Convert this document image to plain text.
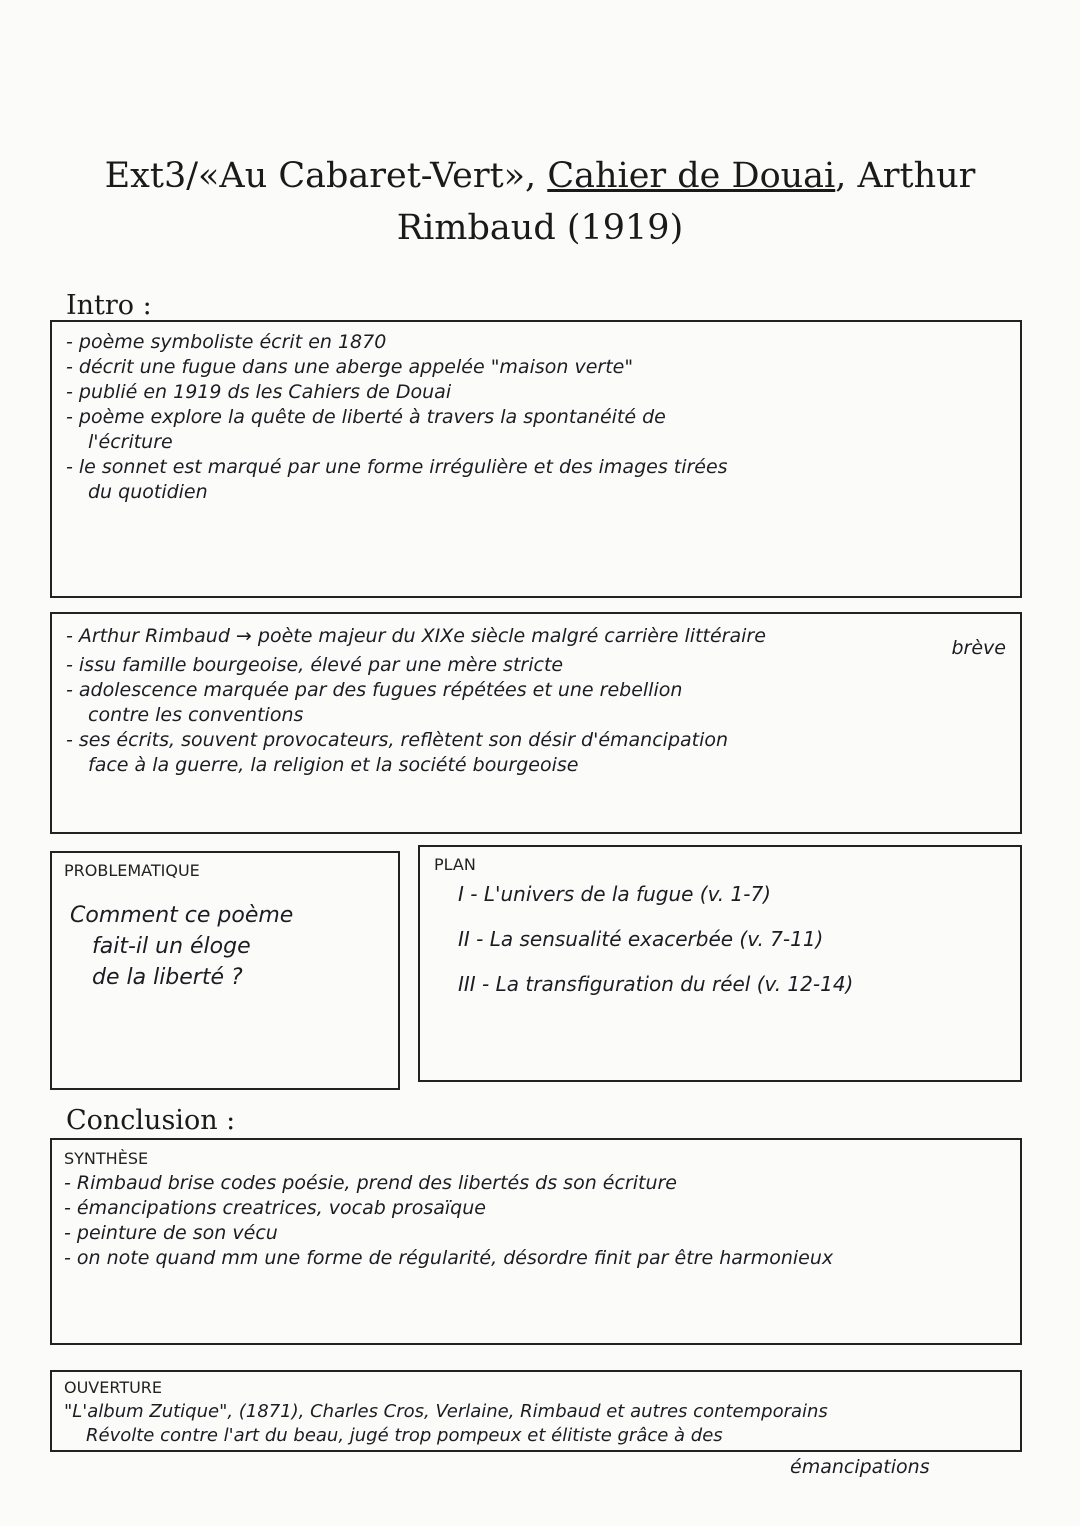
Ext3/«Au Cabaret-Vert», Cahier de Douai, Arthur
Rimbaud (1919)
Intro :
- poème symboliste écrit en 1870
- décrit une fugue dans une aberge appelée "maison verte"
- publié en 1919 ds les Cahiers de Douai
- poème explore la quête de liberté à travers la spontanéité de
l'écriture
- le sonnet est marqué par une forme irrégulière et des images tirées
du quotidien
- Arthur Rimbaud → poète majeur du XIXe siècle malgré carrière littéraire
brève
- issu famille bourgeoise, élevé par une mère stricte
- adolescence marquée par des fugues répétées et une rebellion
contre les conventions
- ses écrits, souvent provocateurs, reflètent son désir d'émancipation
face à la guerre, la religion et la société bourgeoise
PROBLEMATIQUE
Comment ce poème
fait-il un éloge
de la liberté ?
PLAN
I - L'univers de la fugue (v. 1-7)
II - La sensualité exacerbée (v. 7-11)
III - La transfiguration du réel (v. 12-14)
Conclusion :
SYNTHÈSE
- Rimbaud brise codes poésie, prend des libertés ds son écriture
- émancipations creatrices, vocab prosaïque
- peinture de son vécu
- on note quand mm une forme de régularité, désordre finit par être harmonieux
OUVERTURE
"L'album Zutique", (1871), Charles Cros, Verlaine, Rimbaud et autres contemporains
Révolte contre l'art du beau, jugé trop pompeux et élitiste grâce à des
émancipations
